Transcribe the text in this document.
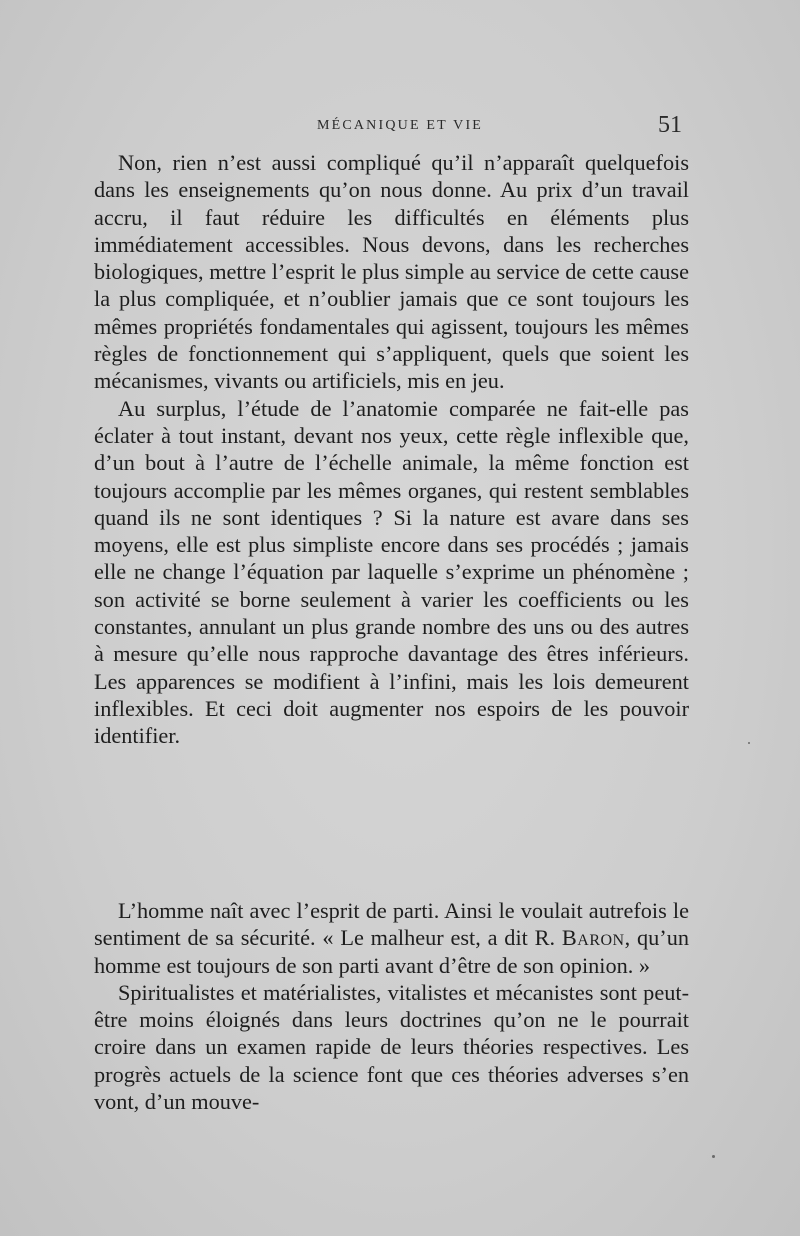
MÉCANIQUE ET VIE	51

Non, rien n’est aussi compliqué qu’il n’apparaît quelquefois dans les enseignements qu’on nous donne. Au prix d’un travail accru, il faut réduire les difficultés en éléments plus immédiatement accessibles. Nous devons, dans les recherches biologiques, mettre l’esprit le plus simple au service de cette cause la plus compliquée, et n’oublier jamais que ce sont toujours les mêmes propriétés fondamentales qui agissent, toujours les mêmes règles de fonctionnement qui s’appliquent, quels que soient les mécanismes, vivants ou artificiels, mis en jeu.

Au surplus, l’étude de l’anatomie comparée ne fait-elle pas éclater à tout instant, devant nos yeux, cette règle inflexible que, d’un bout à l’autre de l’échelle animale, la même fonction est toujours accomplie par les mêmes organes, qui restent semblables quand ils ne sont identiques ? Si la nature est avare dans ses moyens, elle est plus simpliste encore dans ses procédés ; jamais elle ne change l’équation par laquelle s’exprime un phénomène ; son activité se borne seulement à varier les coefficients ou les constantes, annulant un plus grande nombre des uns ou des autres à mesure qu’elle nous rapproche davantage des êtres inférieurs. Les apparences se modifient à l’infini, mais les lois demeurent inflexibles. Et ceci doit augmenter nos espoirs de les pouvoir identifier.

L’homme naît avec l’esprit de parti. Ainsi le voulait autrefois le sentiment de sa sécurité. « Le malheur est, a dit R. Baron, qu’un homme est toujours de son parti avant d’être de son opinion. »

Spiritualistes et matérialistes, vitalistes et mécanistes sont peut-être moins éloignés dans leurs doctrines qu’on ne le pourrait croire dans un examen rapide de leurs théories respectives. Les progrès actuels de la science font que ces théories adverses s’en vont, d’un mouve-
